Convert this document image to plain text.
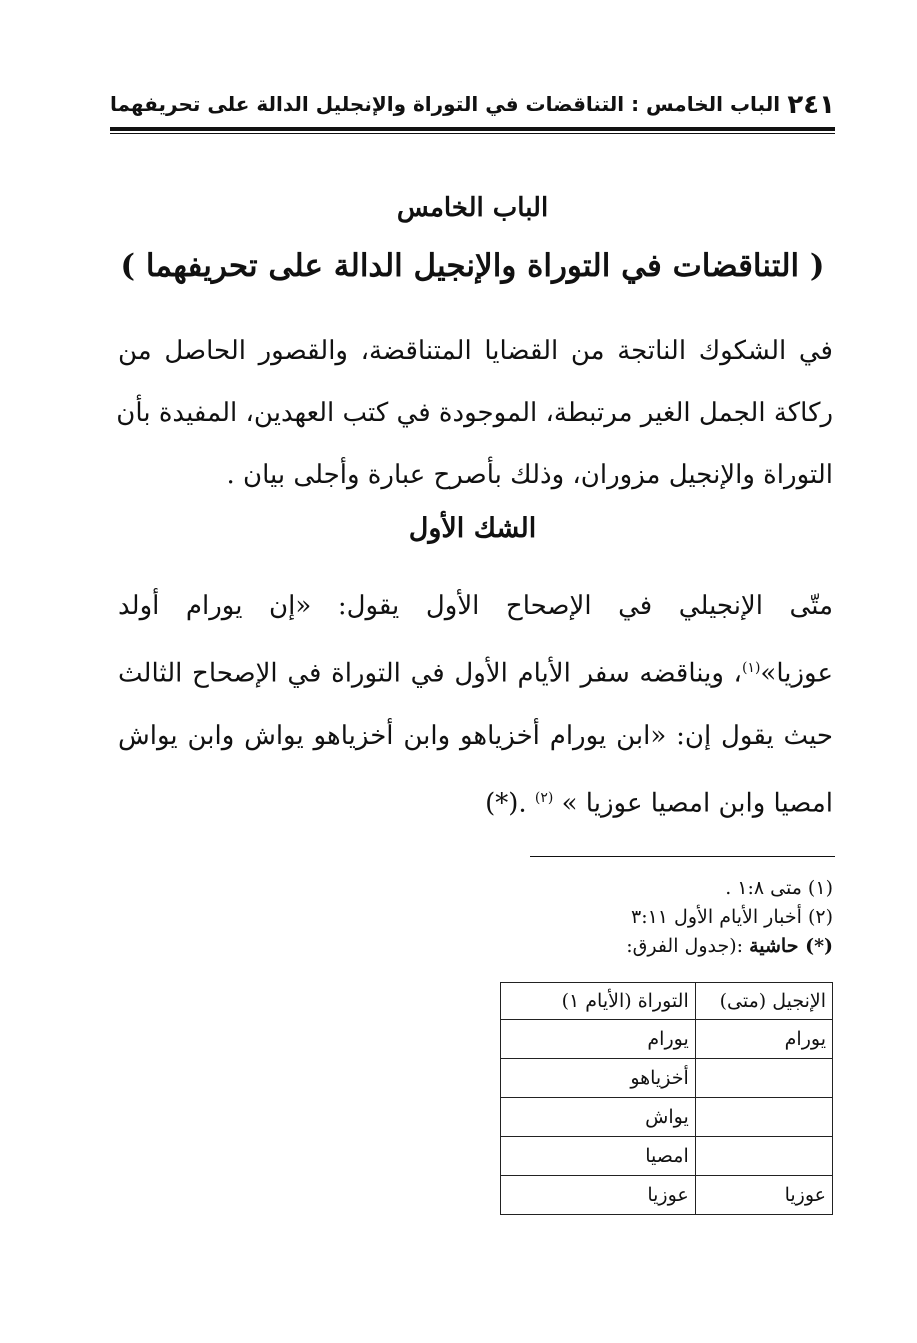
٢٤١
الباب الخامس : التناقضات في التوراة والإنجليل الدالة على تحريفهما
الباب الخامس
( التناقضات في التوراة والإنجيل الدالة على تحريفهما )
في الشكوك الناتجة من القضايا المتناقضة، والقصور الحاصل من
ركاكة الجمل الغير مرتبطة، الموجودة في كتب العهدين، المفيدة بأن
التوراة والإنجيل مزوران، وذلك بأصرح عبارة وأجلى بيان .
الشك الأول
متّى الإنجيلي في الإصحاح الأول يقول: «إن يورام أولد
عوزيا»$^{(١)}$، ويناقضه سفر الأيام الأول في التوراة في الإصحاح الثالث
حيث يقول إن: «ابن يورام أخزياهو وابن أخزياهو يواش وابن يواش
امصيا وابن امصيا عوزيا » $^{(٢)}$ .(*)
(١) متى ١:٨ .
(٢) أخبار الأيام الأول ٣:١١
(*) حاشية :(جدول الفرق:
الإنجيل (متى)	التوراة (الأيام ١)
يورام	يورام
	أخزياهو
	يواش
	امصيا
عوزيا	عوزيا
